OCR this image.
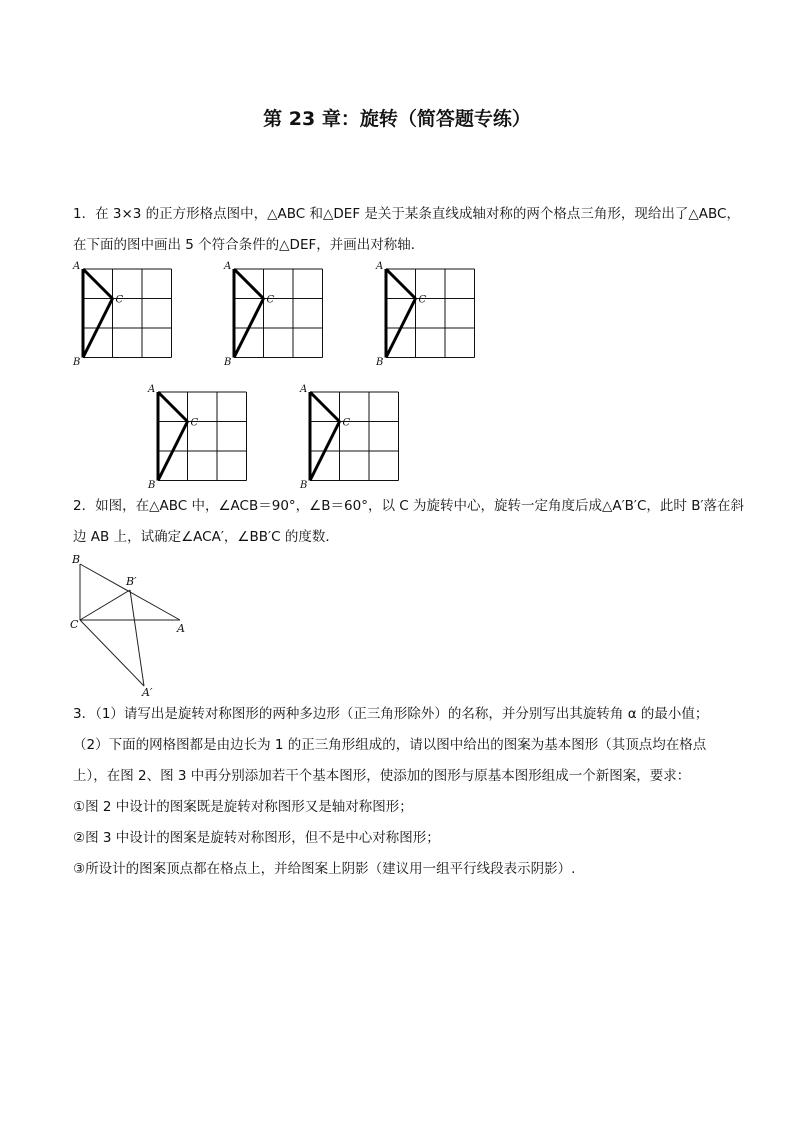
第 23 章：旋转（简答题专练）
1．在 3×3 的正方形格点图中，△ABC 和△DEF 是关于某条直线成轴对称的两个格点三角形，现给出了△ABC，
在下面的图中画出 5 个符合条件的△DEF，并画出对称轴．
A
B
C
A
B
C
A
B
C
A
B
C
A
B
C
2．如图，在△ABC 中，∠ACB＝90°，∠B＝60°，以 C 为旋转中心，旋转一定角度后成△A′B′C，此时 B′落在斜
边 AB 上，试确定∠ACA′，∠BB′C 的度数．
B
B′
C	A
A′
3．（1）请写出是旋转对称图形的两种多边形（正三角形除外）的名称，并分别写出其旋转角 α 的最小值；
（2）下面的网格图都是由边长为 1 的正三角形组成的，请以图中给出的图案为基本图形（其顶点均在格点
上），在图 2、图 3 中再分别添加若干个基本图形，使添加的图形与原基本图形组成一个新图案，要求：
①图 2 中设计的图案既是旋转对称图形又是轴对称图形；
②图 3 中设计的图案是旋转对称图形，但不是中心对称图形；
③所设计的图案顶点都在格点上，并给图案上阴影（建议用一组平行线段表示阴影）.
